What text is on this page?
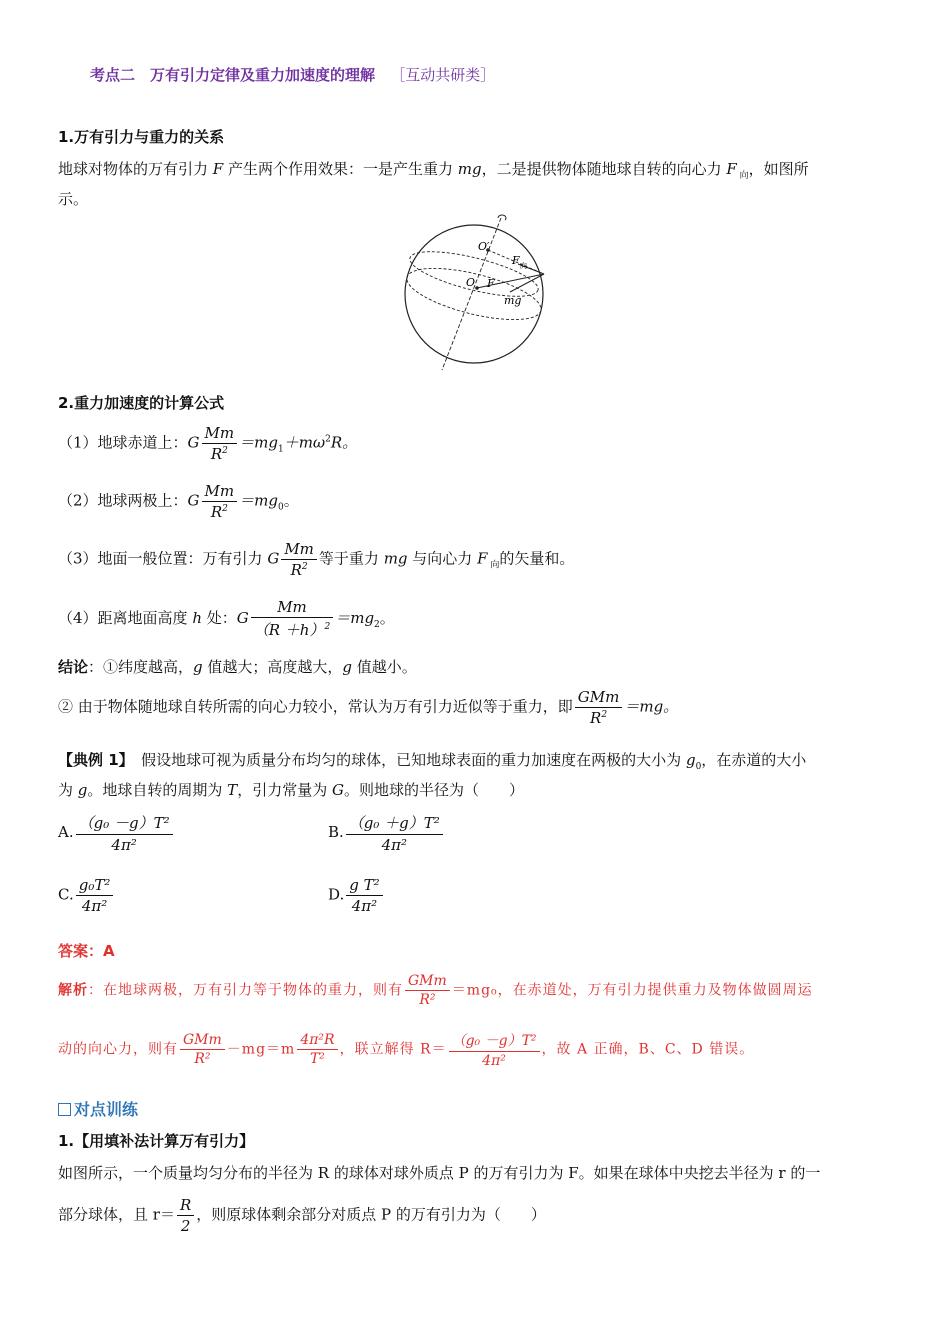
考点二　万有引力定律及重力加速度的理解 ［互动共研类］
1.万有引力与重力的关系
地球对物体的万有引力 F 产生两个作用效果：一是产生重力 mg，二是提供物体随地球自转的向心力 F $_向$，如图所
示。
O′
O
F 向
F
mg
2.重力加速度的计算公式
（1）地球赤道上：G $\frac{Mm}{R^2} =mg_1+m\omega^2R$。
（2）地球两极上：G $\frac{Mm}{R^2} =mg_0$。
（3）地面一般位置：万有引力 G $\frac{Mm}{R^2}$ 等于重力 mg 与向心力 F $_向$的矢量和。
（4）距离地面高度 h 处：G $\frac{Mm}{(R +h)^2} =mg_2$。
结论：①纬度越高，g 值越大；高度越大，g 值越小。
② 由于物体随地球自转所需的向心力较小，常认为万有引力近似等于重力，即 $\frac{\text{GMm}}{R^2} =mg$。
【典例 1】　假设地球可视为质量分布均匀的球体，已知地球表面的重力加速度在两极的大小为 $g_0$，在赤道的大小
为 g。地球自转的周期为 T，引力常量为 G。则地球的半径为（　　）
A. $\frac{\text{（g₀ －g）T²}}{\text{4π²}}$	B. $\frac{\text{（g₀ ＋g）T²}}{\text{4π²}}$
C. $\frac{\text{g₀T²}}{\text{4π²}}$	D. $\frac{\text{g T²}}{\text{4π²}}$
答案：A
解析：在地球两极，万有引力等于物体的重力，则有 $\frac{\text{GMm}}{\text{R²}} =mg_0$，在赤道处，万有引力提供重力及物体做圆周运
动的向心力，则有 $\frac{\text{GMm}}{\text{R²}} -mg=m \frac{\text{4π²R}}{\text{T²}}$ ，联立解得 $R= \frac{\text{（g₀ －g）T²}}{\text{4π²}}$ ，故 A 正确，B、C、D 错误。
对点训练
1.【用填补法计算万有引力】
如图所示，一个质量均匀分布的半径为 R 的球体对球外质点 P 的万有引力为 F。如果在球体中央挖去半径为 r 的一
部分球体，且 $r= \frac{R}{2}$ ，则原球体剩余部分对质点 P 的万有引力为（　　）
